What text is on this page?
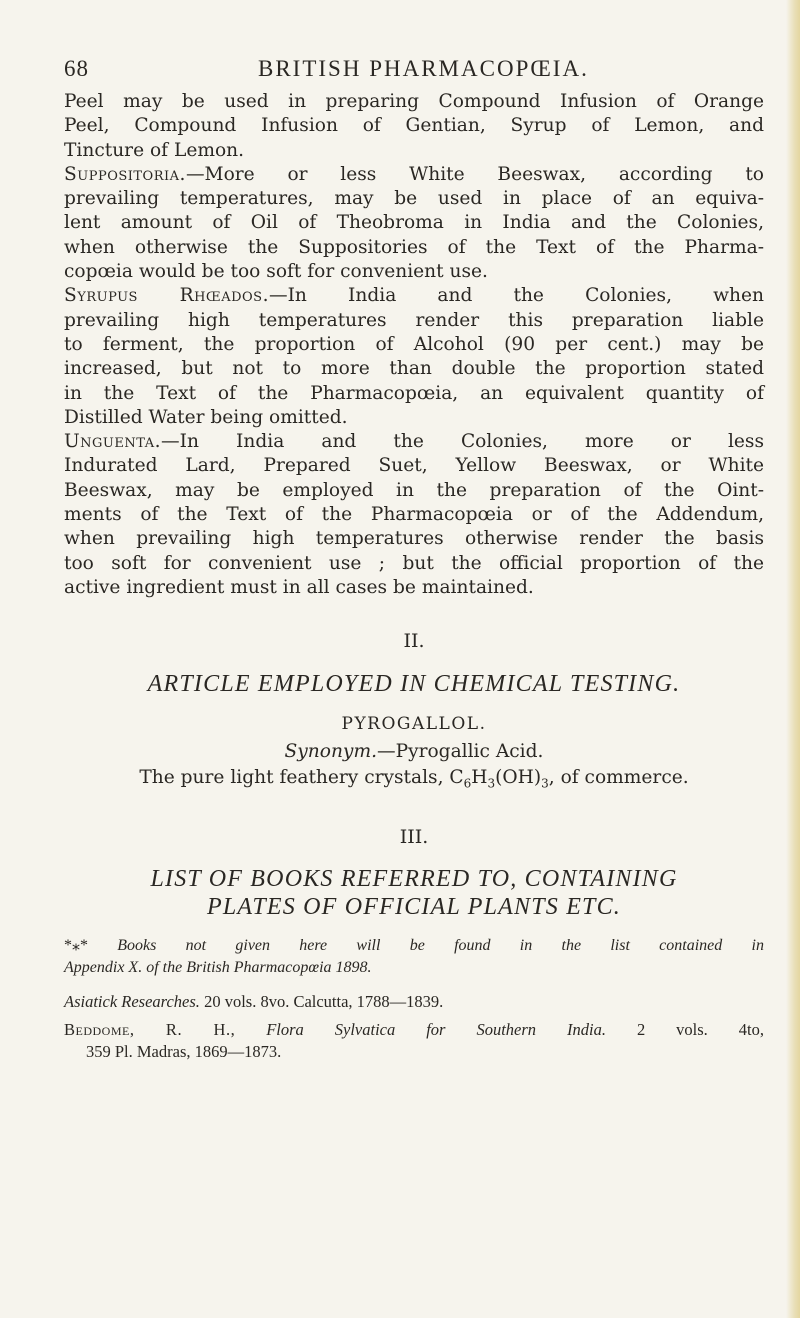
68	BRITISH PHARMACOPŒIA.

Peel may be used in preparing Compound Infusion of Orange
Peel, Compound Infusion of Gentian, Syrup of Lemon, and
Tincture of Lemon.

Suppositoria.—More or less White Beeswax, according to
prevailing temperatures, may be used in place of an equiva-
lent amount of Oil of Theobroma in India and the Colonies,
when otherwise the Suppositories of the Text of the Pharma-
copœia would be too soft for convenient use.

Syrupus Rhœados.—In India and the Colonies, when
prevailing high temperatures render this preparation liable
to ferment, the proportion of Alcohol (90 per cent.) may be
increased, but not to more than double the proportion stated
in the Text of the Pharmacopœia, an equivalent quantity of
Distilled Water being omitted.

Unguenta.—In India and the Colonies, more or less
Indurated Lard, Prepared Suet, Yellow Beeswax, or White
Beeswax, may be employed in the preparation of the Oint-
ments of the Text of the Pharmacopœia or of the Addendum,
when prevailing high temperatures otherwise render the basis
too soft for convenient use ; but the official proportion of the
active ingredient must in all cases be maintained.

II.
ARTICLE EMPLOYED IN CHEMICAL TESTING.
PYROGALLOL.
Synonym.—Pyrogallic Acid.
The pure light feathery crystals, $C_6H_3(OH)_3$, of commerce.
III.
LIST OF BOOKS REFERRED TO, CONTAINING
PLATES OF OFFICIAL PLANTS ETC.
*⁎* Books not given here will be found in the list contained in
Appendix X. of the British Pharmacopœia 1898.
Asiatick Researches. 20 vols. 8vo. Calcutta, 1788—1839.
Beddome, R. H., Flora Sylvatica for Southern India. 2 vols. 4to,
359 Pl. Madras, 1869—1873.
